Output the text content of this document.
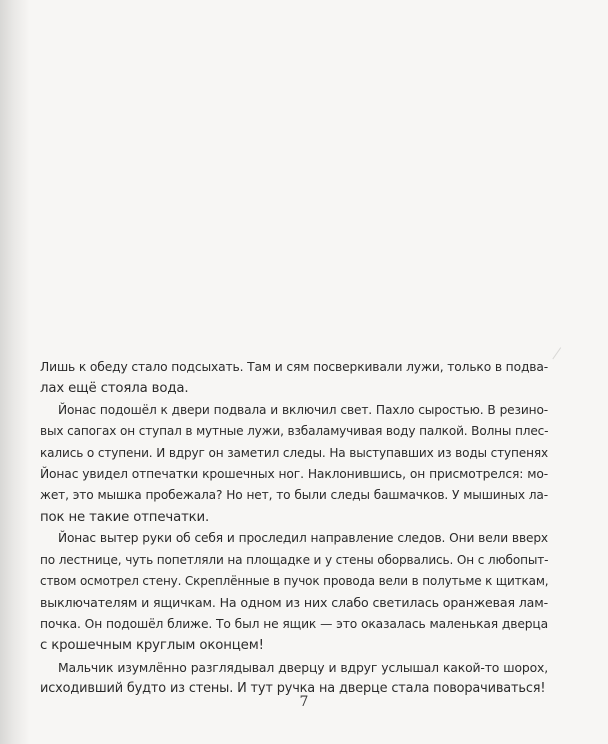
Лишь к обеду стало подсыхать. Там и сям посверкивали лужи, только в подва-
лах ещё стояла вода.

Йонас подошёл к двери подвала и включил свет. Пахло сыростью. В резино-
вых сапогах он ступал в мутные лужи, взбаламучивая воду палкой. Волны плес-
кались о ступени. И вдруг он заметил следы. На выступавших из воды ступенях
Йонас увидел отпечатки крошечных ног. Наклонившись, он присмотрелся: мо-
жет, это мышка пробежала? Но нет, то были следы башмачков. У мышиных ла-
пок не такие отпечатки.

Йонас вытер руки об себя и проследил направление следов. Они вели вверх
по лестнице, чуть попетляли на площадке и у стены оборвались. Он с любопыт-
ством осмотрел стену. Скреплённые в пучок провода вели в полутьме к щиткам,
выключателям и ящичкам. На одном из них слабо светилась оранжевая лам-
почка. Он подошёл ближе. То был не ящик — это оказалась маленькая дверца
с крошечным круглым оконцем!

Мальчик изумлённо разглядывал дверцу и вдруг услышал какой-то шорох,
исходивший будто из стены. И тут ручка на дверце стала поворачиваться!

7
